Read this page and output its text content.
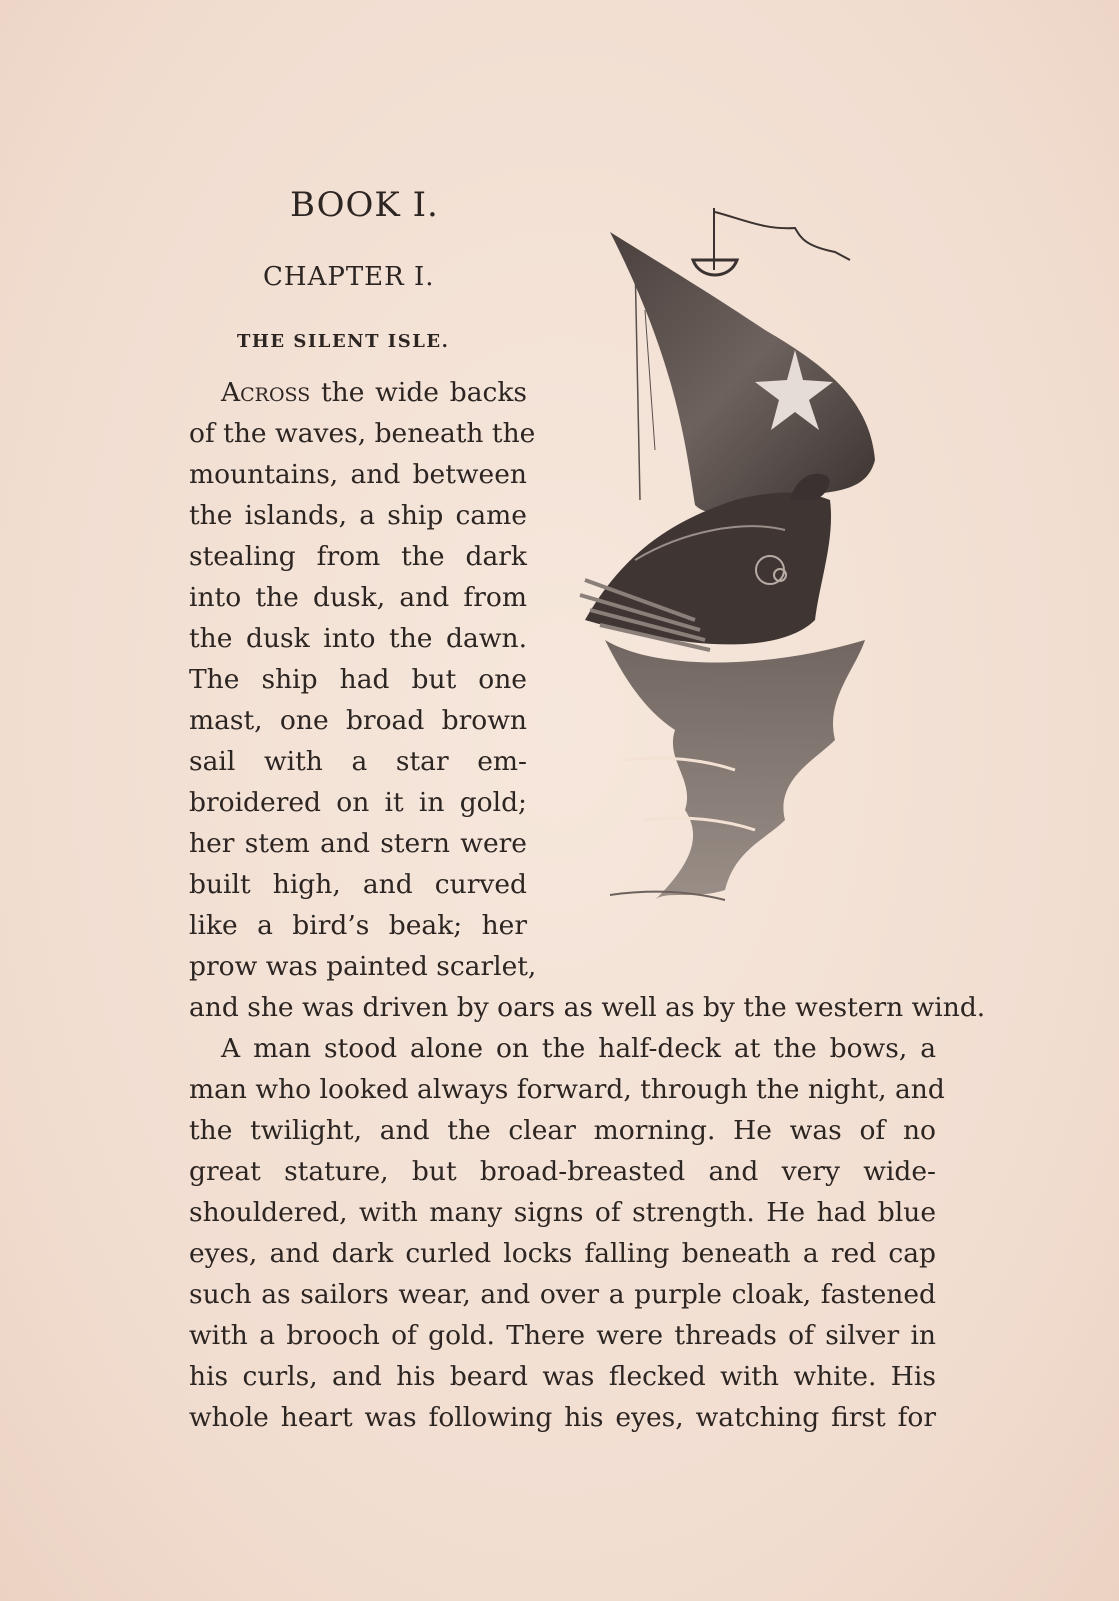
BOOK I.
CHAPTER I.
THE SILENT ISLE.

Across the wide backs

of the waves, beneath the

mountains, and between

the islands, a ship came

stealing from the dark

into the dusk, and from

the dusk into the dawn.

The ship had but one

mast, one broad brown

sail with a star em-

broidered on it in gold;

her stem and stern were

built high, and curved

like a bird’s beak; her

prow was painted scarlet,

and she was driven by oars as well as by the western wind.

A man stood alone on the half-deck at the bows, a

man who looked always forward, through the night, and

the twilight, and the clear morning. He was of no

great stature, but broad-breasted and very wide-

shouldered, with many signs of strength. He had blue

eyes, and dark curled locks falling beneath a red cap

such as sailors wear, and over a purple cloak, fastened

with a brooch of gold. There were threads of silver in

his curls, and his beard was flecked with white. His

whole heart was following his eyes, watching first for
